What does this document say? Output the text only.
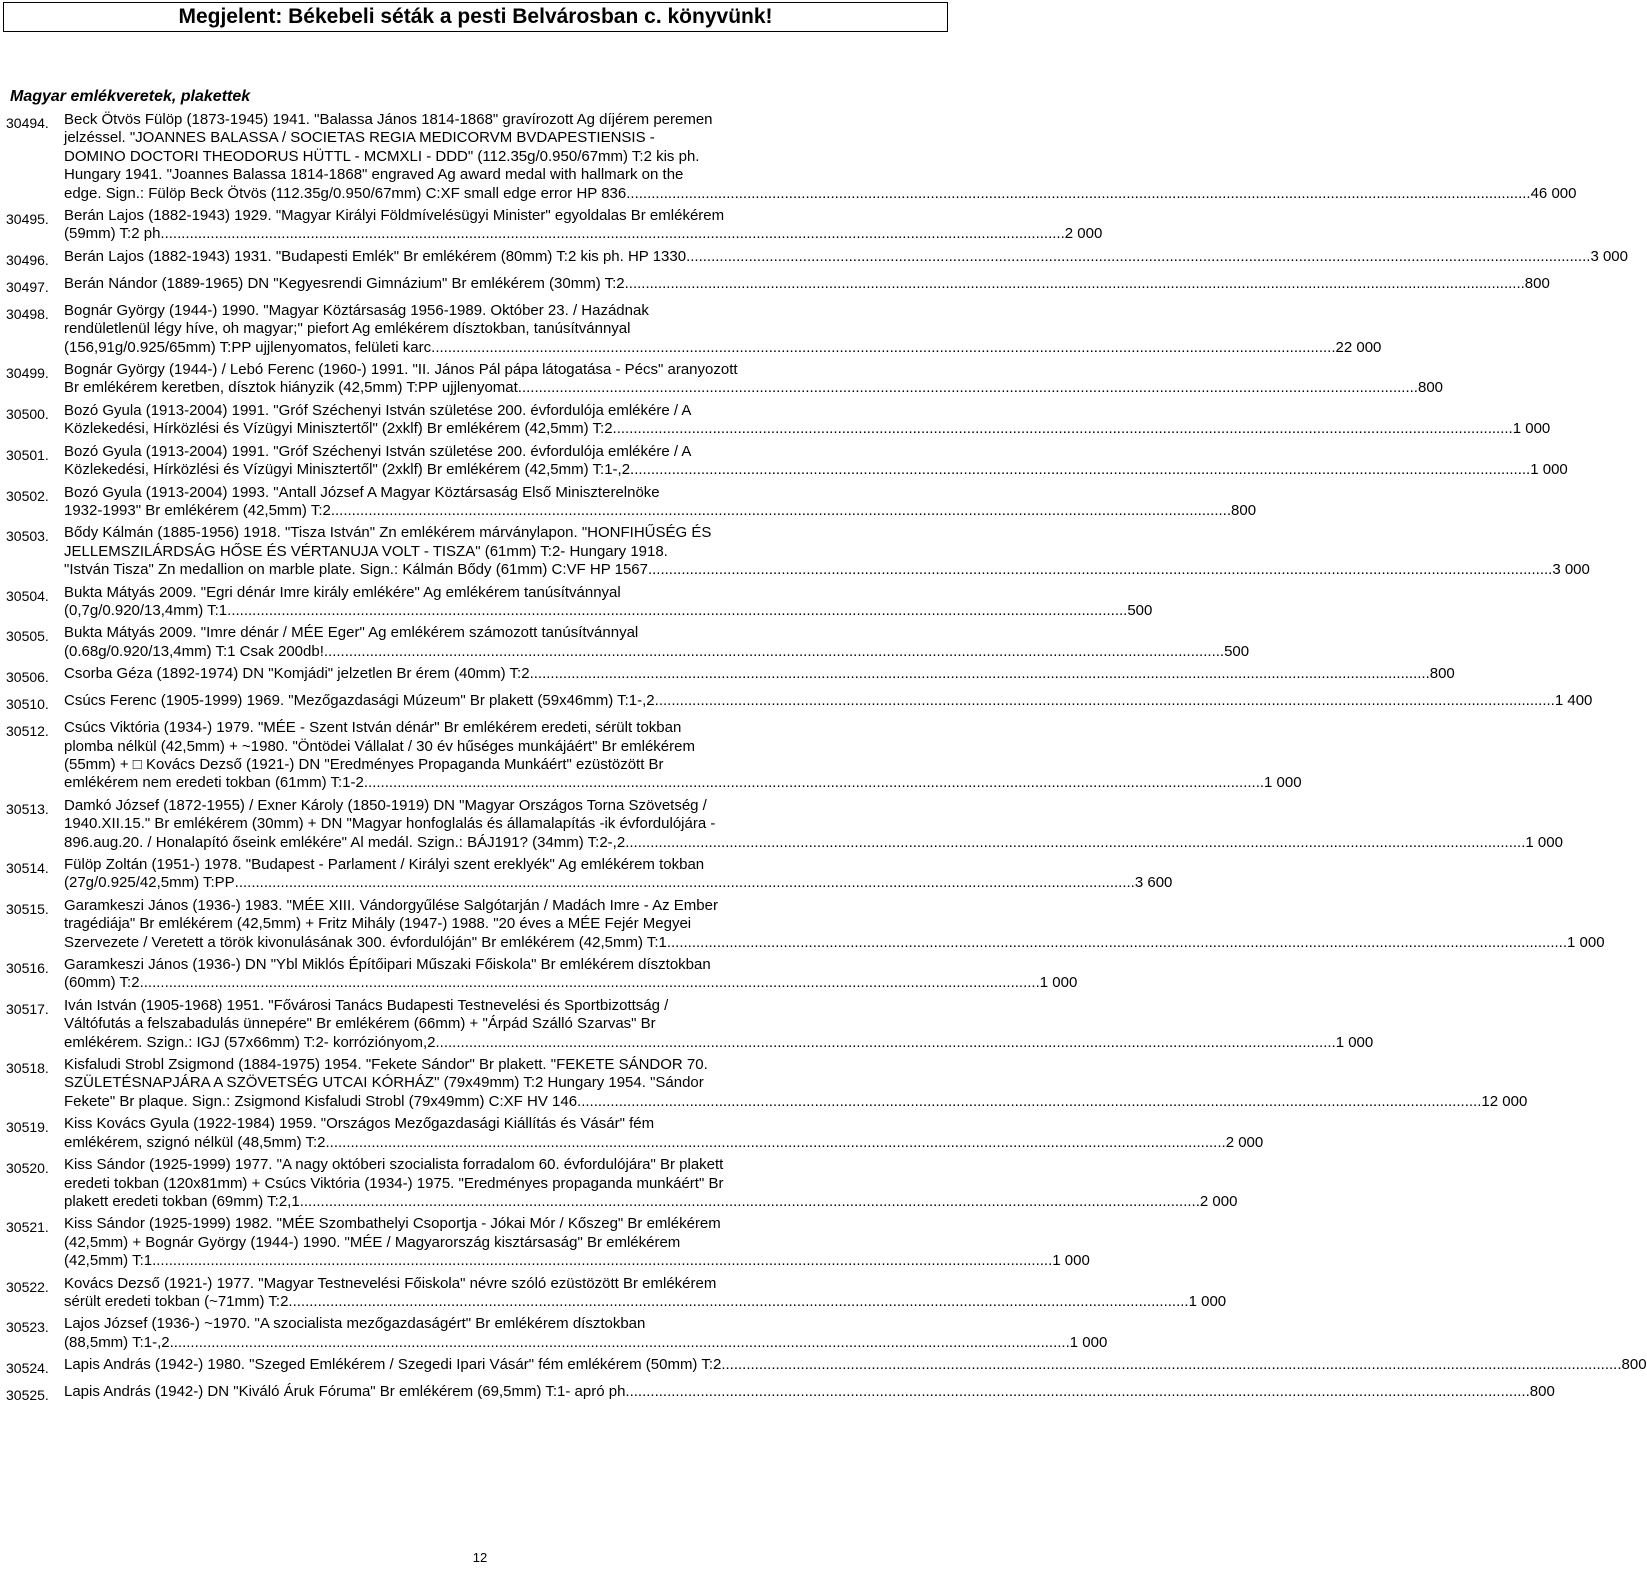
Megjelent: Békebeli séták a pesti Belvárosban c. könyvünk!
Magyar emlékveretek, plakettek
30494.	Beck Ötvös Fülöp (1873-1945) 1941. "Balassa János 1814-1868" gravírozott Ag díjérem peremen
jelzéssel. "JOANNES BALASSA / SOCIETAS REGIA MEDICORVM BVDAPESTIENSIS -
DOMINO DOCTORI THEODORUS HÜTTL - MCMXLI - DDD" (112.35g/0.950/67mm) T:2 kis ph.
Hungary 1941. "Joannes Balassa 1814-1868" engraved Ag award medal with hallmark on the
edge. Sign.: Fülöp Beck Ötvös (112.35g/0.950/67mm) C:XF small edge error HP 836. .....	46 000
30495.	Berán Lajos (1882-1943) 1929. "Magyar Királyi Földmívelésügyi Minister" egyoldalas Br emlékérem
(59mm) T:2 ph. .....	2 000
30496.	Berán Lajos (1882-1943) 1931. "Budapesti Emlék" Br emlékérem (80mm) T:2 kis ph. HP 1330. .....	3 000
30497.	Berán Nándor (1889-1965) DN "Kegyesrendi Gimnázium" Br emlékérem (30mm) T:2 .....	800
30498.	Bognár György (1944-) 1990. "Magyar Köztársaság 1956-1989. Október 23. / Hazádnak
rendületlenül légy híve, oh magyar;" piefort Ag emlékérem dísztokban, tanúsítvánnyal
(156,91g/0.925/65mm) T:PP ujjlenyomatos, felületi karc. .....	22 000
30499.	Bognár György (1944-) / Lebó Ferenc (1960-) 1991. "II. János Pál pápa látogatása - Pécs" aranyozott
Br emlékérem keretben, dísztok hiányzik (42,5mm) T:PP ujjlenyomat .....	800
30500.	Bozó Gyula (1913-2004) 1991. "Gróf Széchenyi István születése 200. évfordulója emlékére / A
Közlekedési, Hírközlési és Vízügyi Minisztertől" (2xklf) Br emlékérem (42,5mm) T:2 .....	1 000
30501.	Bozó Gyula (1913-2004) 1991. "Gróf Széchenyi István születése 200. évfordulója emlékére / A
Közlekedési, Hírközlési és Vízügyi Minisztertől" (2xklf) Br emlékérem (42,5mm) T:1-,2 .....	1 000
30502.	Bozó Gyula (1913-2004) 1993. "Antall József A Magyar Köztársaság Első Miniszterelnöke
1932-1993" Br emlékérem (42,5mm) T:2 .....	800
30503.	Bődy Kálmán (1885-1956) 1918. "Tisza István" Zn emlékérem márványlapon. "HONFIHŰSÉG ÉS
JELLEMSZILÁRDSÁG HŐSE ÉS VÉRTANUJA VOLT - TISZA" (61mm) T:2- Hungary 1918.
"István Tisza" Zn medallion on marble plate. Sign.: Kálmán Bődy (61mm) C:VF HP 1567. .....	3 000
30504.	Bukta Mátyás 2009. "Egri dénár Imre király emlékére" Ag emlékérem tanúsítvánnyal
(0,7g/0.920/13,4mm) T:1 .....	500
30505.	Bukta Mátyás 2009. "Imre dénár / MÉE Eger" Ag emlékérem számozott tanúsítvánnyal
(0.68g/0.920/13,4mm) T:1 Csak 200db! .....	500
30506.	Csorba Géza (1892-1974) DN "Komjádi" jelzetlen Br érem (40mm) T:2 .....	800
30510.	Csúcs Ferenc (1905-1999) 1969. "Mezőgazdasági Múzeum" Br plakett (59x46mm) T:1-,2 .....	1 400
30512.	Csúcs Viktória (1934-) 1979. "MÉE - Szent István dénár" Br emlékérem eredeti, sérült tokban
plomba nélkül (42,5mm) + ~1980. "Öntödei Vállalat / 30 év hűséges munkájáért" Br emlékérem
(55mm) + □ Kovács Dezső (1921-) DN "Eredményes Propaganda Munkáért" ezüstözött Br
emlékérem nem eredeti tokban (61mm) T:1-2 .....	1 000
30513.	Damkó József (1872-1955) / Exner Károly (1850-1919) DN "Magyar Országos Torna Szövetség /
1940.XII.15." Br emlékérem (30mm) + DN "Magyar honfoglalás és államalapítás -ik évfordulójára -
896.aug.20. / Honalapító őseink emlékére" Al medál. Szign.: BÁJ191? (34mm) T:2-,2 .....	1 000
30514.	Fülöp Zoltán (1951-) 1978. "Budapest - Parlament / Királyi szent ereklyék" Ag emlékérem tokban
(27g/0.925/42,5mm) T:PP .....	3 600
30515.	Garamkeszi János (1936-) 1983. "MÉE XIII. Vándorgyűlése Salgótarján / Madách Imre - Az Ember
tragédiája" Br emlékérem (42,5mm) + Fritz Mihály (1947-) 1988. "20 éves a MÉE Fejér Megyei
Szervezete / Veretett a török kivonulásának 300. évfordulóján" Br emlékérem (42,5mm) T:1 .....	1 000
30516.	Garamkeszi János (1936-) DN "Ybl Miklós Építőipari Műszaki Főiskola" Br emlékérem dísztokban
(60mm) T:2 .....	1 000
30517.	Iván István (1905-1968) 1951. "Fővárosi Tanács Budapesti Testnevelési és Sportbizottság /
Váltófutás a felszabadulás ünnepére" Br emlékérem (66mm) + "Árpád Szálló Szarvas" Br
emlékérem. Szign.: IGJ (57x66mm) T:2- korróziónyom,2 .....	1 000
30518.	Kisfaludi Strobl Zsigmond (1884-1975) 1954. "Fekete Sándor" Br plakett. "FEKETE SÁNDOR 70.
SZÜLETÉSNAPJÁRA A SZÖVETSÉG UTCAI KÓRHÁZ" (79x49mm) T:2 Hungary 1954. "Sándor
Fekete" Br plaque. Sign.: Zsigmond Kisfaludi Strobl (79x49mm) C:XF HV 146. .....	12 000
30519.	Kiss Kovács Gyula (1922-1984) 1959. "Országos Mezőgazdasági Kiállítás és Vásár" fém
emlékérem, szignó nélkül (48,5mm) T:2 .....	2 000
30520.	Kiss Sándor (1925-1999) 1977. "A nagy októberi szocialista forradalom 60. évfordulójára" Br plakett
eredeti tokban (120x81mm) + Csúcs Viktória (1934-) 1975. "Eredményes propaganda munkáért" Br
plakett eredeti tokban (69mm) T:2,1 .....	2 000
30521.	Kiss Sándor (1925-1999) 1982. "MÉE Szombathelyi Csoportja - Jókai Mór / Kőszeg" Br emlékérem
(42,5mm) + Bognár György (1944-) 1990. "MÉE / Magyarország kisztársaság" Br emlékérem
(42,5mm) T:1 .....	1 000
30522.	Kovács Dezső (1921-) 1977. "Magyar Testnevelési Főiskola" névre szóló ezüstözött Br emlékérem
sérült eredeti tokban (~71mm) T:2 .....	1 000
30523.	Lajos József (1936-) ~1970. "A szocialista mezőgazdaságért" Br emlékérem dísztokban
(88,5mm) T:1-,2 .....	1 000
30524.	Lapis András (1942-) 1980. "Szeged Emlékérem / Szegedi Ipari Vásár" fém emlékérem (50mm) T:2 .....	800
30525.	Lapis András (1942-) DN "Kiváló Áruk Fóruma" Br emlékérem (69,5mm) T:1- apró ph. .....	800
12
